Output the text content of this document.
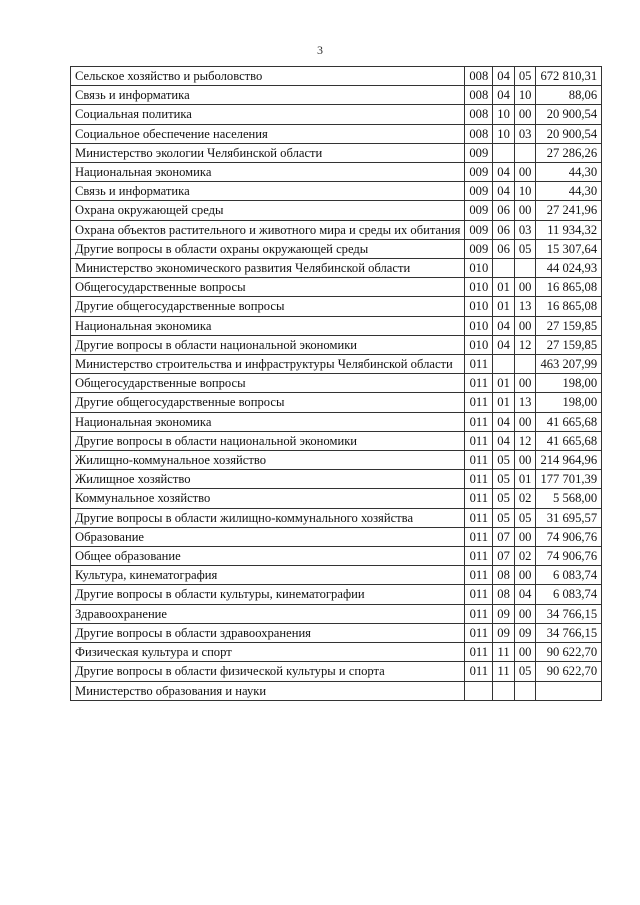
3
Сельское хозяйство и рыболовство	008	04	05	672 810,31
Связь и информатика	008	04	10	88,06
Социальная политика	008	10	00	20 900,54
Социальное обеспечение населения	008	10	03	20 900,54
Министерство экологии Челябинской области	009			27 286,26
Национальная экономика	009	04	00	44,30
Связь и информатика	009	04	10	44,30
Охрана окружающей среды	009	06	00	27 241,96
Охрана объектов растительного и животного мира и среды их обитания	009	06	03	11 934,32
Другие вопросы в области охраны окружающей среды	009	06	05	15 307,64
Министерство экономического развития Челябинской области	010			44 024,93
Общегосударственные вопросы	010	01	00	16 865,08
Другие общегосударственные вопросы	010	01	13	16 865,08
Национальная экономика	010	04	00	27 159,85
Другие вопросы в области национальной экономики	010	04	12	27 159,85
Министерство строительства и инфраструктуры Челябинской области	011			463 207,99
Общегосударственные вопросы	011	01	00	198,00
Другие общегосударственные вопросы	011	01	13	198,00
Национальная экономика	011	04	00	41 665,68
Другие вопросы в области национальной экономики	011	04	12	41 665,68
Жилищно-коммунальное хозяйство	011	05	00	214 964,96
Жилищное хозяйство	011	05	01	177 701,39
Коммунальное хозяйство	011	05	02	5 568,00
Другие вопросы в области жилищно-коммунального хозяйства	011	05	05	31 695,57
Образование	011	07	00	74 906,76
Общее образование	011	07	02	74 906,76
Культура, кинематография	011	08	00	6 083,74
Другие вопросы в области культуры, кинематографии	011	08	04	6 083,74
Здравоохранение	011	09	00	34 766,15
Другие вопросы в области здравоохранения	011	09	09	34 766,15
Физическая культура и спорт	011	11	00	90 622,70
Другие вопросы в области физической культуры и спорта	011	11	05	90 622,70
Министерство образования и науки				
